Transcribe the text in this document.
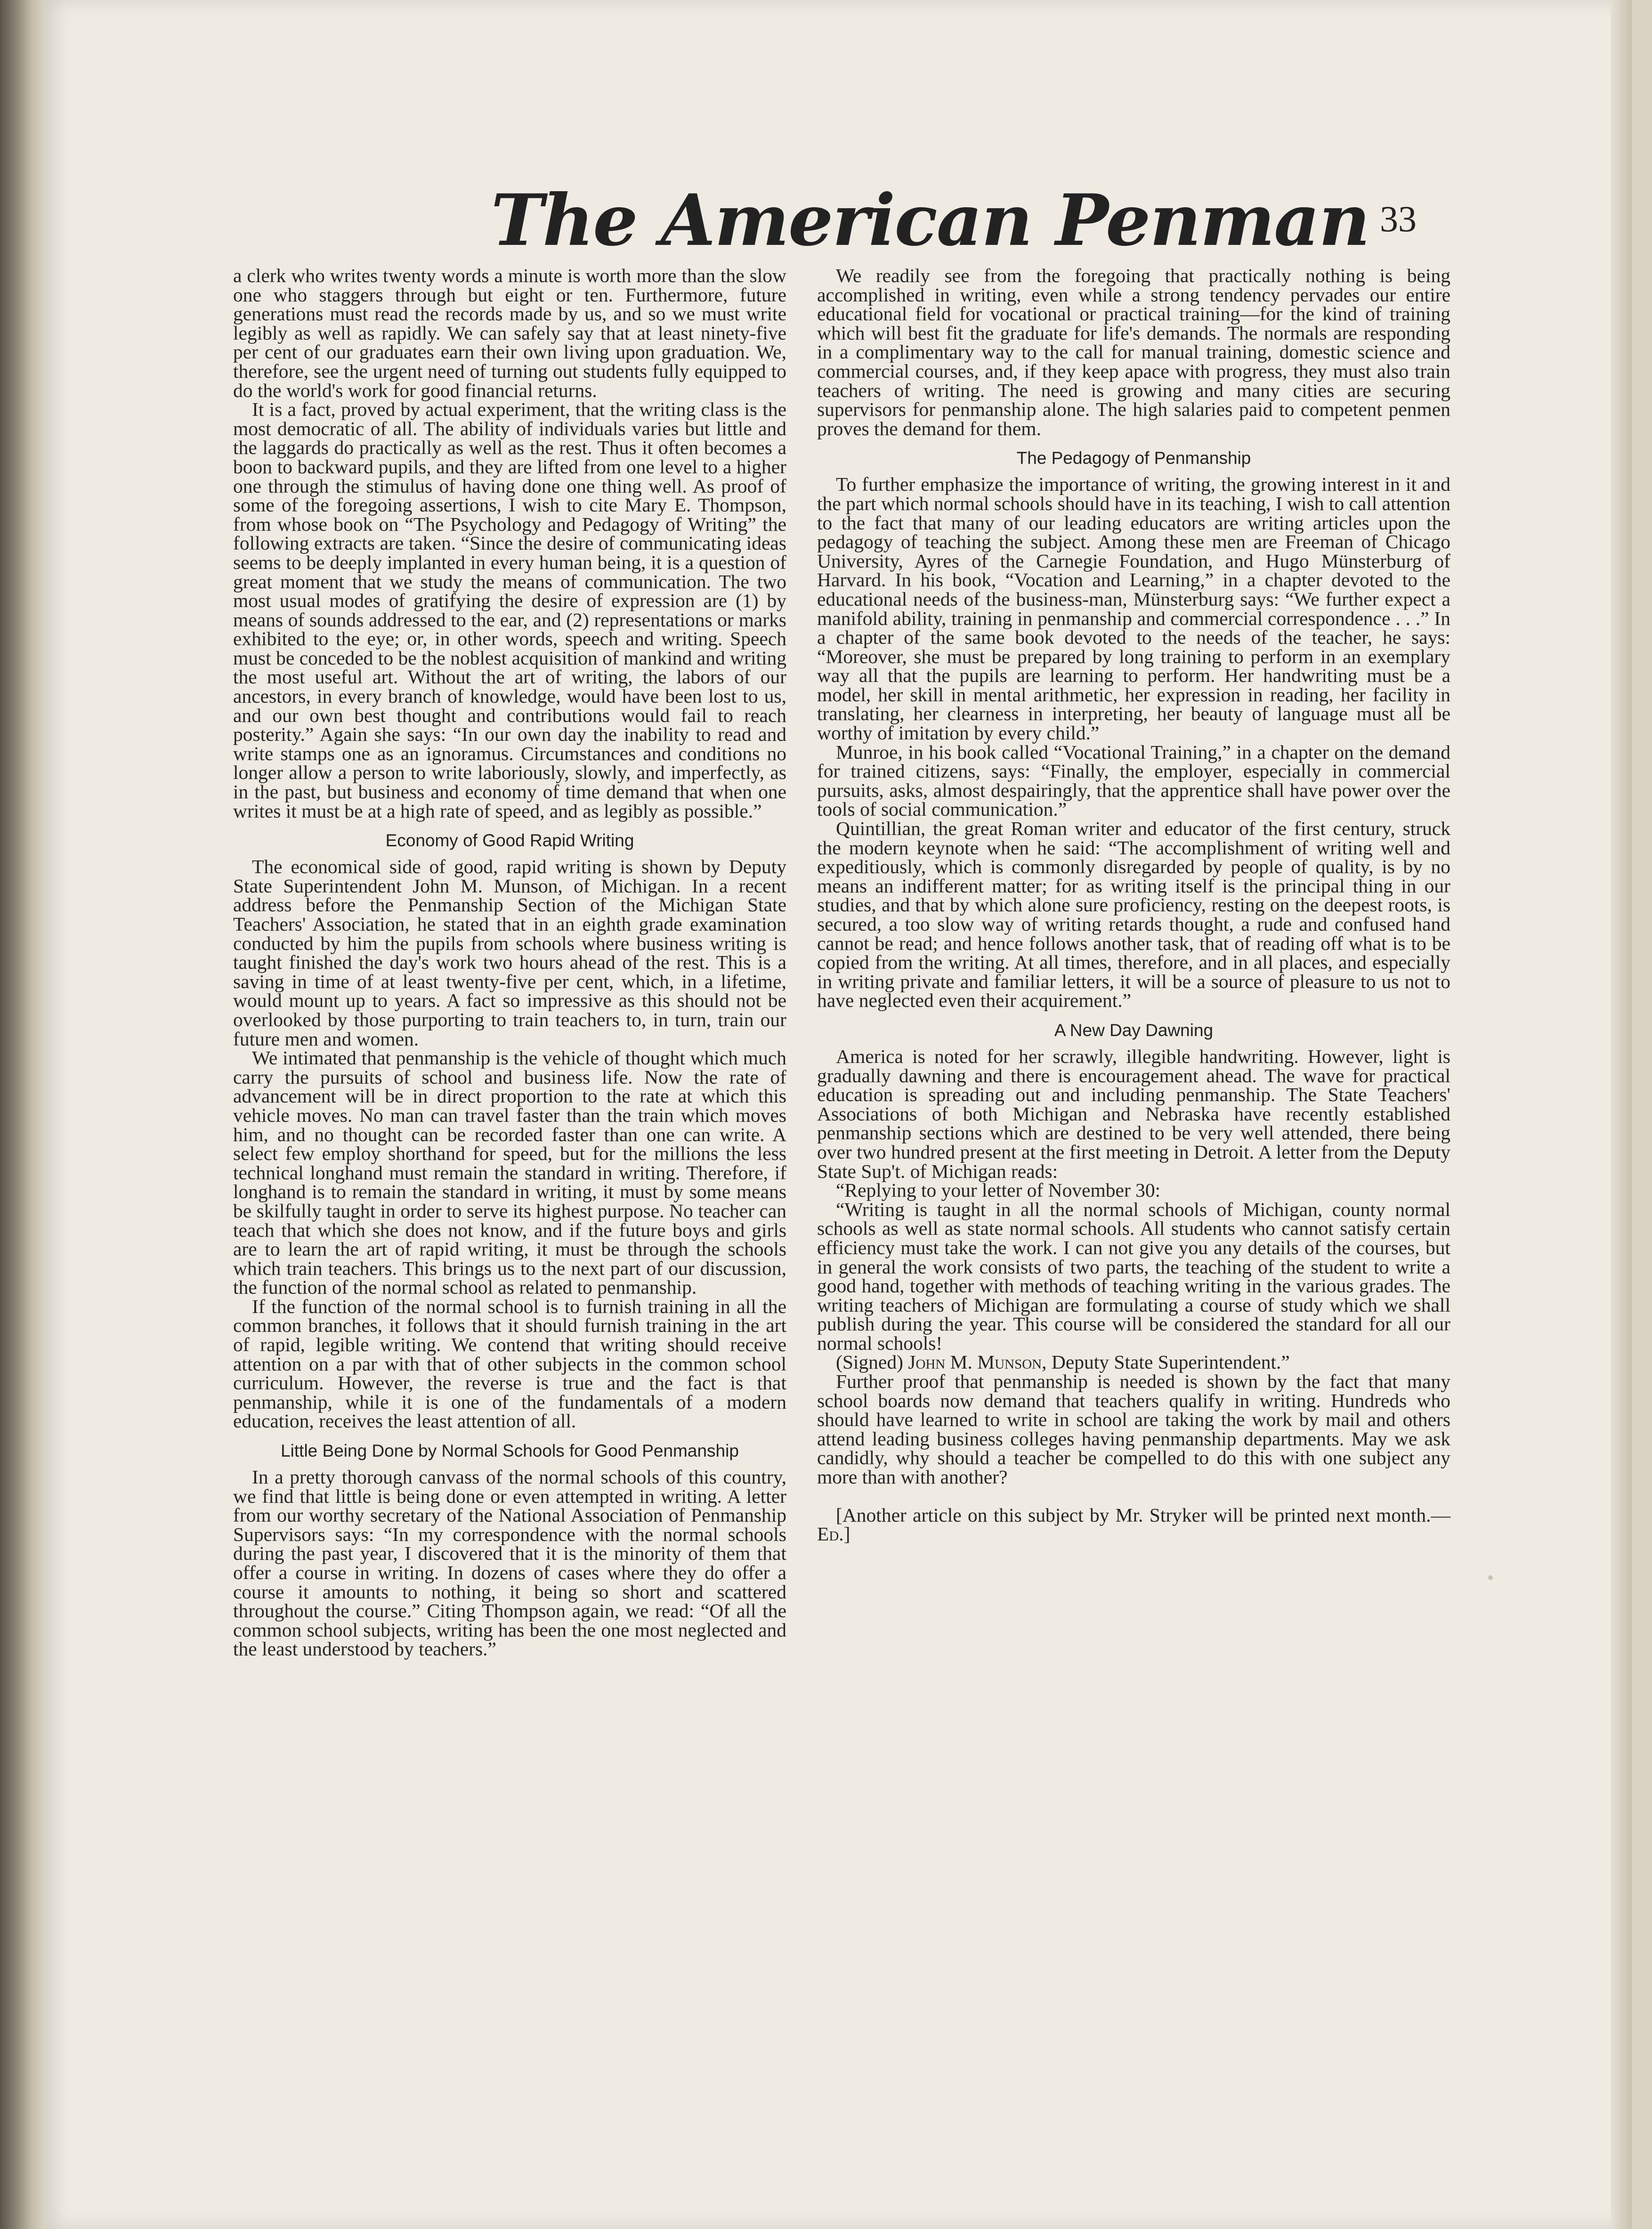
The American Penman 33

a clerk who writes twenty words a minute is worth more than the slow one who staggers through but eight or ten. Furthermore, future generations must read the records made by us, and so we must write legibly as well as rapidly. We can safely say that at least ninety-five per cent of our graduates earn their own living upon graduation. We, therefore, see the urgent need of turning out students fully equipped to do the world's work for good financial returns.

It is a fact, proved by actual experiment, that the writing class is the most democratic of all. The ability of individuals varies but little and the laggards do practically as well as the rest. Thus it often becomes a boon to backward pupils, and they are lifted from one level to a higher one through the stimulus of having done one thing well. As proof of some of the foregoing assertions, I wish to cite Mary E. Thompson, from whose book on “The Psychology and Pedagogy of Writing” the following extracts are taken. “Since the desire of communicating ideas seems to be deeply implanted in every human being, it is a question of great moment that we study the means of communication. The two most usual modes of gratifying the desire of expression are (1) by means of sounds addressed to the ear, and (2) representations or marks exhibited to the eye; or, in other words, speech and writing. Speech must be conceded to be the noblest acquisition of mankind and writing the most useful art. Without the art of writing, the labors of our ancestors, in every branch of knowledge, would have been lost to us, and our own best thought and contributions would fail to reach posterity.” Again she says: “In our own day the inability to read and write stamps one as an ignoramus. Circumstances and conditions no longer allow a person to write laboriously, slowly, and imperfectly, as in the past, but business and economy of time demand that when one writes it must be at a high rate of speed, and as legibly as possible.”

Economy of Good Rapid Writing

The economical side of good, rapid writing is shown by Deputy State Superintendent John M. Munson, of Michigan. In a recent address before the Penmanship Section of the Michigan State Teachers' Association, he stated that in an eighth grade examination conducted by him the pupils from schools where business writing is taught finished the day's work two hours ahead of the rest. This is a saving in time of at least twenty-five per cent, which, in a lifetime, would mount up to years. A fact so impressive as this should not be overlooked by those purporting to train teachers to, in turn, train our future men and women.

We intimated that penmanship is the vehicle of thought which much carry the pursuits of school and business life. Now the rate of advancement will be in direct proportion to the rate at which this vehicle moves. No man can travel faster than the train which moves him, and no thought can be recorded faster than one can write. A select few employ shorthand for speed, but for the millions the less technical longhand must remain the standard in writing. Therefore, if longhand is to remain the standard in writing, it must by some means be skilfully taught in order to serve its highest purpose. No teacher can teach that which she does not know, and if the future boys and girls are to learn the art of rapid writing, it must be through the schools which train teachers. This brings us to the next part of our discussion, the function of the normal school as related to penmanship.

If the function of the normal school is to furnish training in all the common branches, it follows that it should furnish training in the art of rapid, legible writing. We contend that writing should receive attention on a par with that of other subjects in the common school curriculum. However, the reverse is true and the fact is that penmanship, while it is one of the fundamentals of a modern education, receives the least attention of all.

Little Being Done by Normal Schools for Good Penmanship

In a pretty thorough canvass of the normal schools of this country, we find that little is being done or even attempted in writing. A letter from our worthy secretary of the National Association of Penmanship Supervisors says: “In my correspondence with the normal schools during the past year, I discovered that it is the minority of them that offer a course in writing. In dozens of cases where they do offer a course it amounts to nothing, it being so short and scattered throughout the course.” Citing Thompson again, we read: “Of all the common school subjects, writing has been the one most neglected and the least understood by teachers.”

We readily see from the foregoing that practically nothing is being accomplished in writing, even while a strong tendency pervades our entire educational field for vocational or practical training—for the kind of training which will best fit the graduate for life's demands. The normals are responding in a complimentary way to the call for manual training, domestic science and commercial courses, and, if they keep apace with progress, they must also train teachers of writing. The need is growing and many cities are securing supervisors for penmanship alone. The high salaries paid to competent penmen proves the demand for them.

The Pedagogy of Penmanship

To further emphasize the importance of writing, the growing interest in it and the part which normal schools should have in its teaching, I wish to call attention to the fact that many of our leading educators are writing articles upon the pedagogy of teaching the subject. Among these men are Freeman of Chicago University, Ayres of the Carnegie Foundation, and Hugo Münsterburg of Harvard. In his book, “Vocation and Learning,” in a chapter devoted to the educational needs of the business-man, Münsterburg says: “We further expect a manifold ability, training in penmanship and commercial correspondence . . .” In a chapter of the same book devoted to the needs of the teacher, he says: “Moreover, she must be prepared by long training to perform in an exemplary way all that the pupils are learning to perform. Her handwriting must be a model, her skill in mental arithmetic, her expression in reading, her facility in translating, her clearness in interpreting, her beauty of language must all be worthy of imitation by every child.”

Munroe, in his book called “Vocational Training,” in a chapter on the demand for trained citizens, says: “Finally, the employer, especially in commercial pursuits, asks, almost despairingly, that the apprentice shall have power over the tools of social communication.”

Quintillian, the great Roman writer and educator of the first century, struck the modern keynote when he said: “The accomplishment of writing well and expeditiously, which is commonly disregarded by people of quality, is by no means an indifferent matter; for as writing itself is the principal thing in our studies, and that by which alone sure proficiency, resting on the deepest roots, is secured, a too slow way of writing retards thought, a rude and confused hand cannot be read; and hence follows another task, that of reading off what is to be copied from the writing. At all times, therefore, and in all places, and especially in writing private and familiar letters, it will be a source of pleasure to us not to have neglected even their acquirement.”

A New Day Dawning

America is noted for her scrawly, illegible handwriting. However, light is gradually dawning and there is encouragement ahead. The wave for practical education is spreading out and including penmanship. The State Teachers' Associations of both Michigan and Nebraska have recently established penmanship sections which are destined to be very well attended, there being over two hundred present at the first meeting in Detroit. A letter from the Deputy State Sup't. of Michigan reads:

“Replying to your letter of November 30:

“Writing is taught in all the normal schools of Michigan, county normal schools as well as state normal schools. All students who cannot satisfy certain efficiency must take the work. I can not give you any details of the courses, but in general the work consists of two parts, the teaching of the student to write a good hand, together with methods of teaching writing in the various grades. The writing teachers of Michigan are formulating a course of study which we shall publish during the year. This course will be considered the standard for all our normal schools!

(Signed) John M. Munson, Deputy State Superintendent.”

Further proof that penmanship is needed is shown by the fact that many school boards now demand that teachers qualify in writing. Hundreds who should have learned to write in school are taking the work by mail and others attend leading business colleges having penmanship departments. May we ask candidly, why should a teacher be compelled to do this with one subject any more than with another?

[Another article on this subject by Mr. Stryker will be printed next month.—Ed.]
